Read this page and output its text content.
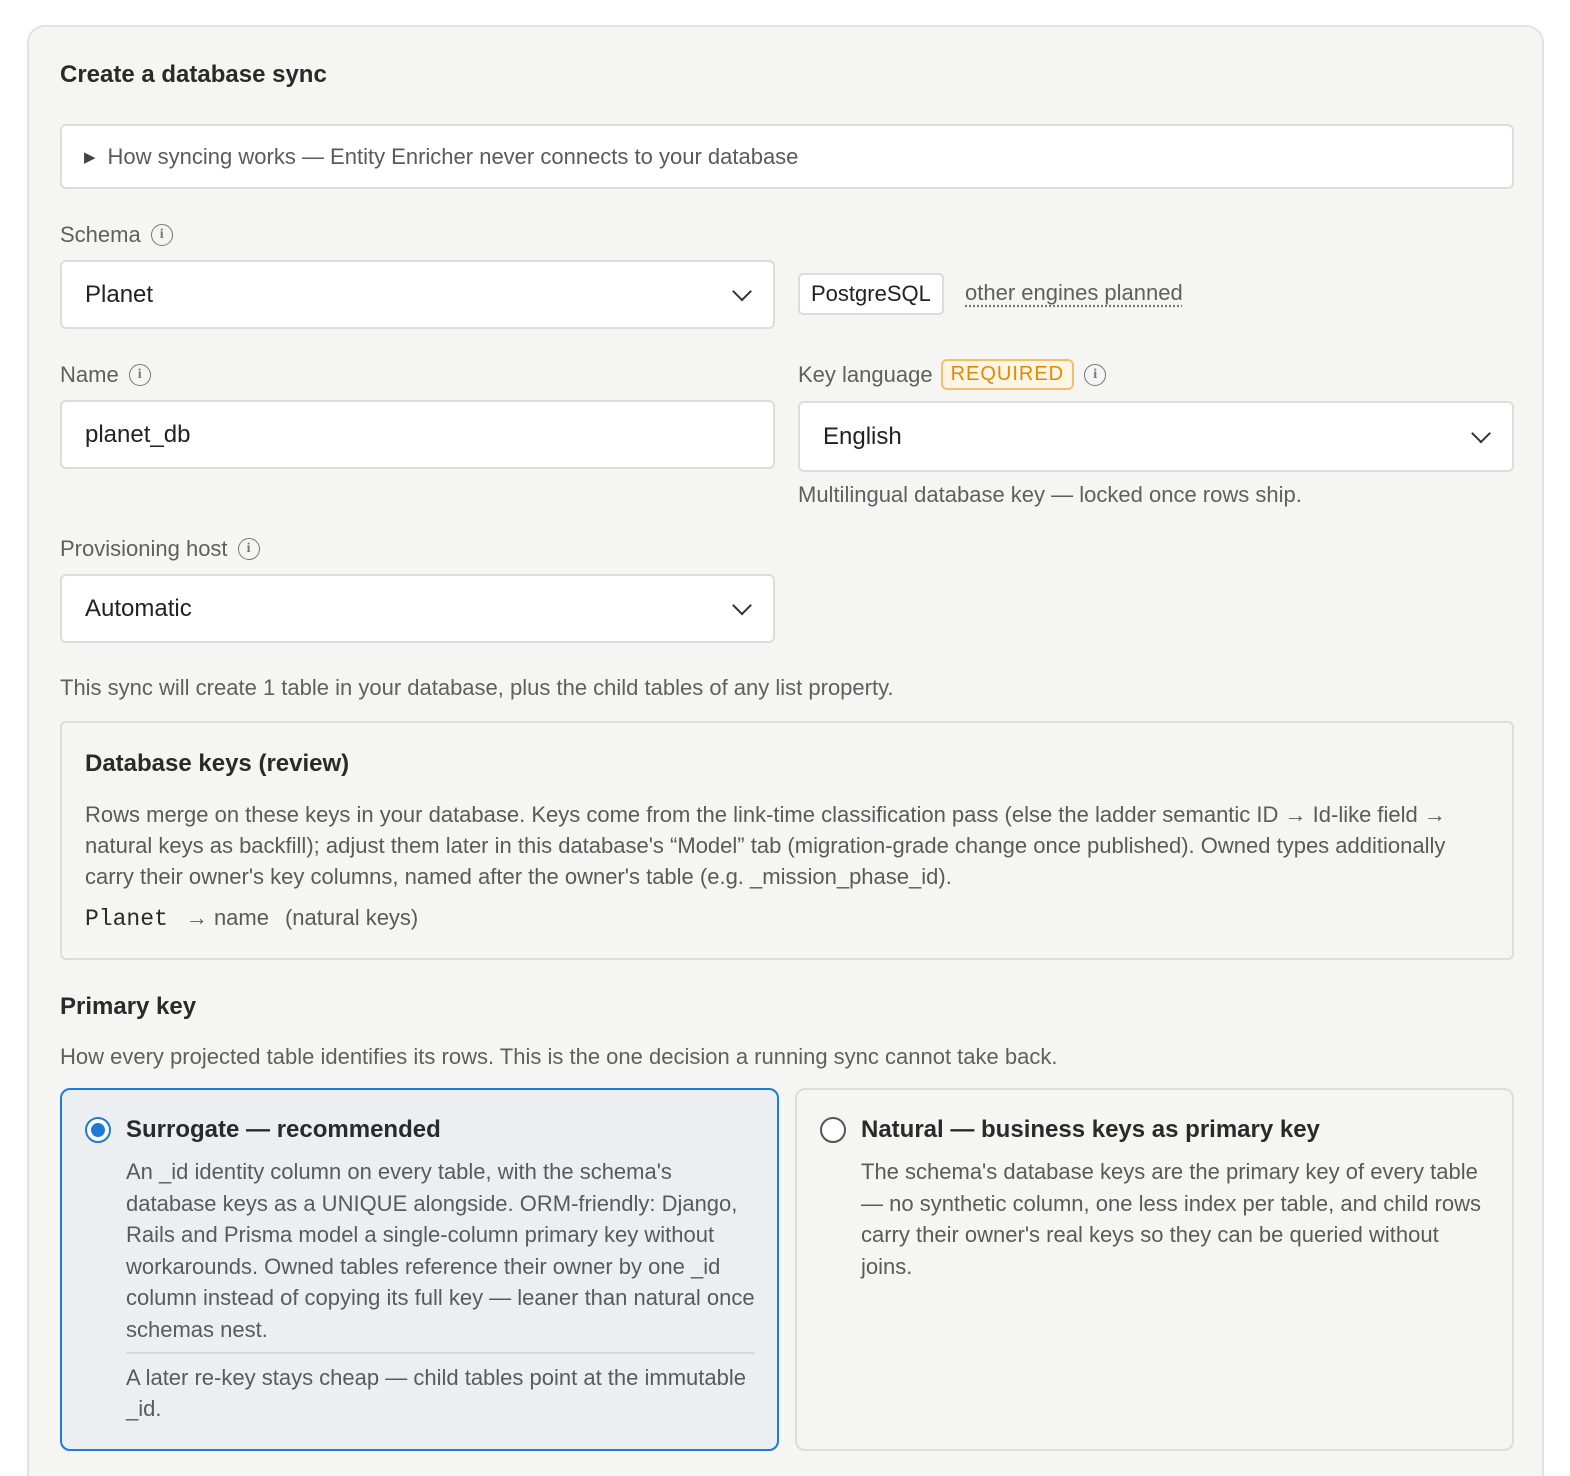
Create a database sync
▶ How syncing works — Entity Enricher never connects to your database
Schema	i
Planet	PostgreSQL	other engines planned
Name	i
planet_db
Key language REQUIRED	i
English
Multilingual database key — locked once rows ship.
Provisioning host	i
Automatic
This sync will create 1 table in your database, plus the child tables of any list property.
Database keys (review)
Rows merge on these keys in your database. Keys come from the link-time classification pass (else the ladder semantic ID → Id-like field → natural keys as backfill); adjust them later in this database's “Model” tab (migration-grade change once published). Owned types additionally carry their owner's key columns, named after the owner's table (e.g. _mission_phase_id).
Planet → name (natural keys)
Primary key
How every projected table identifies its rows. This is the one decision a running sync cannot take back.
Surrogate — recommended
An _id identity column on every table, with the schema's database keys as a UNIQUE alongside. ORM-friendly: Django, Rails and Prisma model a single-column primary key without workarounds. Owned tables reference their owner by one _id column instead of copying its full key — leaner than natural once schemas nest.
A later re-key stays cheap — child tables point at the immutable _id.
Natural — business keys as primary key
The schema's database keys are the primary key of every table — no synthetic column, one less index per table, and child rows carry their owner's real keys so they can be queried without joins.
